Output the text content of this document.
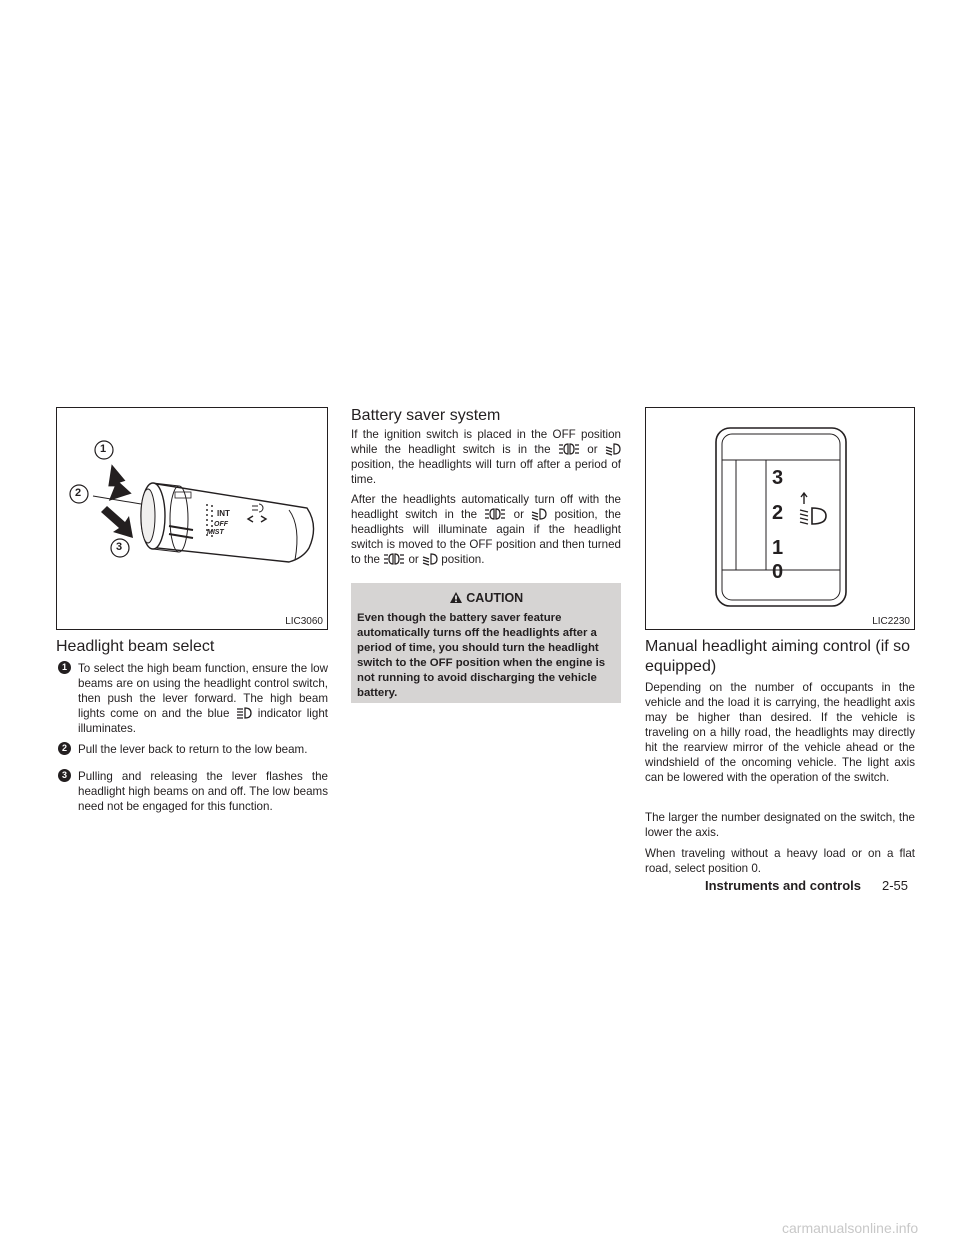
1
2
3
INT
OFF
MIST
LIC3060
Headlight beam select
1 To select the high beam function, ensure the low beams are on using the headlight control switch, then push the lever forward. The high beam lights come on and the blue indicator light illuminates.
2 Pull the lever back to return to the low beam.
3 Pulling and releasing the lever flashes the headlight high beams on and off. The low beams need not be engaged for this function.
Battery saver system
If the ignition switch is placed in the OFF position while the headlight switch is in the	or  position, the headlights will turn off after a period of time.
After the headlights automatically turn off with the headlight switch in the	or	position, the headlights will illuminate again if the headlight switch is moved to the OFF position and then turned to the or position.
CAUTION
Even though the battery saver feature automatically turns off the headlights after a period of time, you should turn the headlight switch to the OFF position when the engine is not running to avoid discharging the vehicle battery.
3
2
1
0
LIC2230
Manual headlight aiming control (if so equipped)
Depending on the number of occupants in the vehicle and the load it is carrying, the headlight axis may be higher than desired. If the vehicle is traveling on a hilly road, the headlights may directly hit the rearview mirror of the vehicle ahead or the windshield of the oncoming vehicle. The light axis can be lowered with the operation of the switch.
The larger the number designated on the switch, the lower the axis.
When traveling without a heavy load or on a flat road, select position 0.
Instruments and controls 2-55
carmanualsonline.info
